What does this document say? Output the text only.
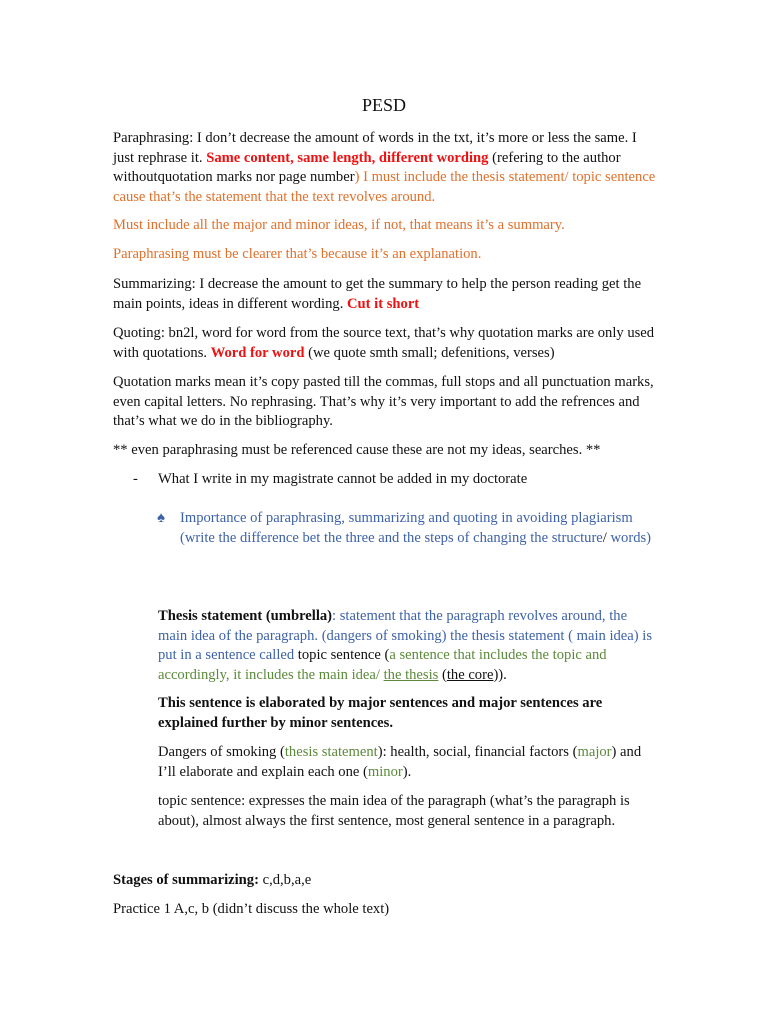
PESD

Paraphrasing: I don’t decrease the amount of words in the txt, it’s more or less the same. I just rephrase it. Same content, same length, different wording (refering to the author withoutquotation marks nor page number) I must include the thesis statement/ topic sentence cause that’s the statement that the text revolves around.

Must include all the major and minor ideas, if not, that means it’s a summary.

Paraphrasing must be clearer that’s because it’s an explanation.

Summarizing: I decrease the amount to get the summary to help the person reading get the main points, ideas in different wording. Cut it short

Quoting: bn2l, word for word from the source text, that’s why quotation marks are only used with quotations. Word for word (we quote smth small; defenitions, verses)

Quotation marks mean it’s copy pasted till the commas, full stops and all punctuation marks, even capital letters. No rephrasing. That’s why it’s very important to add the refrences and that’s what we do in the bibliography.

** even paraphrasing must be referenced cause these are not my ideas, searches. **

- What I write in my magistrate cannot be added in my doctorate

♠ Importance of paraphrasing, summarizing and quoting in avoiding plagiarism (write the difference bet the three and the steps of changing the structure/ words)

Thesis statement (umbrella): statement that the paragraph revolves around, the main idea of the paragraph. (dangers of smoking) the thesis statement ( main idea) is put in a sentence called topic sentence (a sentence that includes the topic and accordingly, it includes the main idea/ the thesis (the core)).

This sentence is elaborated by major sentences and major sentences are explained further by minor sentences.

Dangers of smoking (thesis statement): health, social, financial factors (major) and I’ll elaborate and explain each one (minor).

topic sentence: expresses the main idea of the paragraph (what’s the paragraph is about), almost always the first sentence, most general sentence in a paragraph.

Stages of summarizing: c,d,b,a,e

Practice 1 A,c, b (didn’t discuss the whole text)
